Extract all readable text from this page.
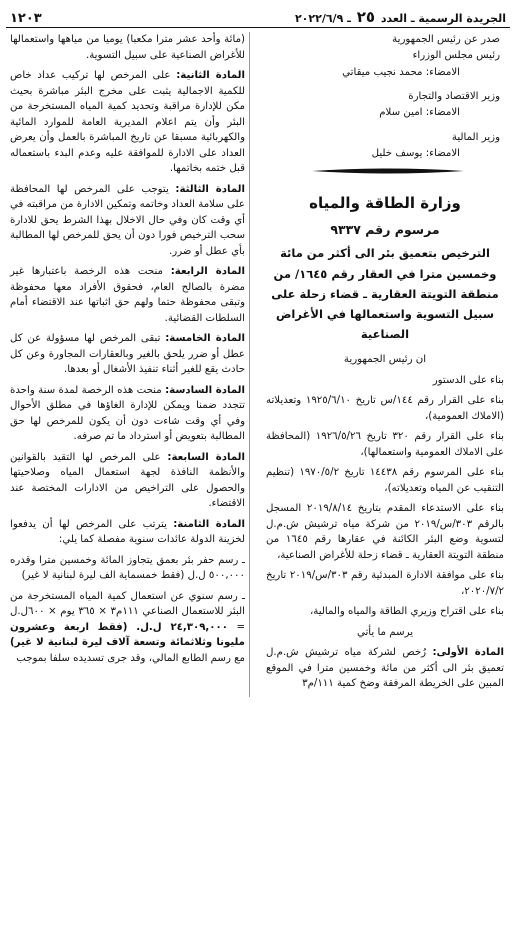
الجريدة الرسمية ـ العدد ٢٥ ـ ٢٠٢٢/٦/٩
١٢٠٣

صدر عن رئيس الجمهورية

رئيس مجلس الوزراء

الامضاء: محمد نجيب ميقاتي

وزير الاقتصاد والتجارة

الامضاء: امين سلام

وزير المالية

الامضاء: يوسف خليل

وزارة الطاقة والمياه
مرسوم رقم ٩٣٣٧
الترخيص بتعميق بئر الى أكثر من مائة وخمسين مترا في العقار رقم ١٦٤٥/ من منطقة التويتة العقارية ـ قضاء زحلة على سبيل التسوية واستعمالها في الأغراض الصناعية

ان رئيس الجمهورية

بناء على الدستور

بناء على القرار رقم ١٤٤/س تاريخ ١٩٢٥/٦/١٠ وتعديلاته (الاملاك العمومية)،

بناء على القرار رقم ٣٢٠ تاريخ ١٩٢٦/٥/٢٦ (المحافظة على الاملاك العمومية واستعمالها)،

بناء على المرسوم رقم ١٤٤٣٨ تاريخ ١٩٧٠/٥/٢ (تنظيم التنقيب عن المياه وتعديلاته)،

بناء على الاستدعاء المقدم بتاريخ ٢٠١٩/٨/١٤ المسجل بالرقم ٣٠٣/س/٢٠١٩ من شركة مياه ترشيش ش.م.ل لتسوية وضع البئر الكائنة في عقارها رقم ١٦٤٥ من منطقة التويتة العقارية ـ قضاء زحلة للأغراض الصناعية،

بناء على موافقة الادارة المبدئية رقم ٣٠٣/س/٢٠١٩ تاريخ ٢٠٢٠/٧/٢،

بناء على اقتراح وزيري الطاقة والمياه والمالية،

يرسم ما يأتي

المادة الأولى: رُخص لشركة مياه ترشيش ش.م.ل تعميق بئر الى أكثر من مائة وخمسين مترا في الموقع المبين على الخريطة المرفقة وضخ كمية ١١١/م٣

(مائة وأحد عشر مترا مكعبا) يوميا من مياهها واستعمالها للأغراض الصناعية على سبيل التسوية.

المادة الثانية: على المرخص لها تركيب عداد خاص للكمية الاجمالية يثبت على مخرج البئر مباشرة بحيث مكن للإدارة مراقبة وتحديد كمية المياه المستخرجة من البئر وأن يتم اعلام المديرية العامة للموارد المائية والكهربائية مسبقا عن تاريخ المباشرة بالعمل وأن يعرض العداد على الادارة للموافقة عليه وعدم البدء باستعماله قبل ختمه بخاتمها.

المادة الثالثة: يتوجب على المرخص لها المحافظة على سلامة العداد وخاتمه وتمكين الادارة من مراقبته في أي وقت كان وفي حال الاخلال بهذا الشرط يحق للادارة سحب الترخيص فورا دون أن يحق للمرخص لها المطالبة بأي عطل أو ضرر.

المادة الرابعة: منحت هذه الرخصة باعتبارها غير مضرة بالصالح العام، فحقوق الأفراد معها محفوظة وتبقى محفوظة حتما ولهم حق اثباتها عند الاقتضاء أمام السلطات القضائية.

المادة الخامسة: تبقى المرخص لها مسؤولة عن كل عطل أو ضرر يلحق بالغير وبالعقارات المجاورة وعن كل حادث يقع للغير أثناء تنفيذ الأشغال أو بعدها.

المادة السادسة: منحت هذه الرخصة لمدة سنة واحدة تتجدد ضمنا ويمكن للإدارة الغاؤها في مطلق الأحوال وفي أي وقت شاءت دون أن يكون للمرخص لها حق المطالبة بتعويض أو استرداد ما تم صرفه.

المادة السابعة: على المرخص لها التقيد بالقوانين والأنظمة النافذة لجهة استعمال المياه وصلاحيتها والحصول على التراخيص من الادارات المختصة عند الاقتضاء.

المادة الثامنة: يترتب على المرخص لها أن يدفعوا لخزينة الدولة عائدات سنوية مفصلة كما يلي:

ـ رسم حفر بئر بعمق يتجاوز المائة وخمسين مترا وقدره ٥٠٠,٠٠٠ ل.ل (فقط خمسماية الف ليرة لبنانية لا غير)

ـ رسم سنوي عن استعمال كمية المياه المستخرجة من البئر للاستعمال الصناعي ١١١م٣ × ٣٦٥ يوم × ٦٠٠ل.ل = ٢٤,٣٠٩,٠٠٠ ل.ل. (فقط اربعة وعشرون مليونا وثلاثمائة وتسعة آلاف ليرة لبنانية لا غير) مع رسم الطابع المالي، وقد جرى تسديده سلفا بموجب
